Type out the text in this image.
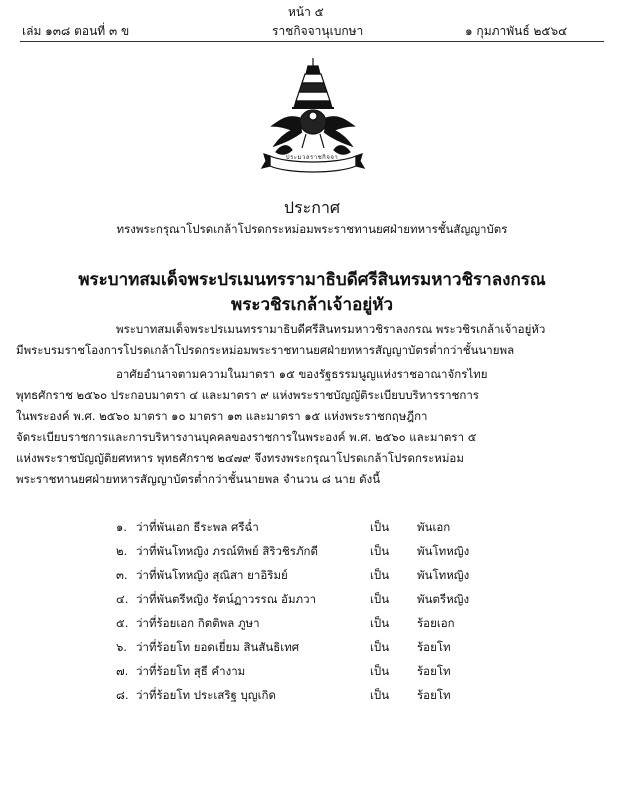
หน้า ๕
เล่ม ๑๓๘ ตอนที่ ๓ ข	ราชกิจจานุเบกษา	๑ กุมภาพันธ์ ๒๕๖๔
ประมวลราชกิจจา
ประกาศ
ทรงพระกรุณาโปรดเกล้าโปรดกระหม่อมพระราชทานยศฝ่ายทหารชั้นสัญญาบัตร
พระบาทสมเด็จพระปรเมนทรรามาธิบดีศรีสินทรมหาวชิราลงกรณ
พระวชิรเกล้าเจ้าอยู่หัว
พระบาทสมเด็จพระปรเมนทรรามาธิบดีศรีสินทรมหาวชิราลงกรณ พระวชิรเกล้าเจ้าอยู่หัว
มีพระบรมราชโองการโปรดเกล้าโปรดกระหม่อมพระราชทานยศฝ่ายทหารสัญญาบัตรต่ำกว่าชั้นนายพล
อาศัยอำนาจตามความในมาตรา ๑๕ ของรัฐธรรมนูญแห่งราชอาณาจักรไทย
พุทธศักราช ๒๕๖๐ ประกอบมาตรา ๔ และมาตรา ๙ แห่งพระราชบัญญัติระเบียบบริหารราชการ
ในพระองค์ พ.ศ. ๒๕๖๐ มาตรา ๑๐ มาตรา ๑๓ และมาตรา ๑๕ แห่งพระราชกฤษฎีกา
จัดระเบียบราชการและการบริหารงานบุคคลของราชการในพระองค์ พ.ศ. ๒๕๖๐ และมาตรา ๕
แห่งพระราชบัญญัติยศทหาร พุทธศักราช ๒๔๗๙ จึงทรงพระกรุณาโปรดเกล้าโปรดกระหม่อม
พระราชทานยศฝ่ายทหารสัญญาบัตรต่ำกว่าชั้นนายพล จำนวน ๘ นาย ดังนี้
๑. ว่าที่พันเอก ธีระพล ศรีฉ่ำ	เป็น พันเอก
๒. ว่าที่พันโทหญิง ภรณ์ทิพย์ สิริวชิรภักดี	เป็น พันโทหญิง
๓. ว่าที่พันโทหญิง สุณิสา ยาอิริมย์	เป็น พันโทหญิง
๔. ว่าที่พันตรีหญิง รัตน์ฏาวรรณ อัมภวา	เป็น พันตรีหญิง
๕. ว่าที่ร้อยเอก กิตติพล ภูษา	เป็น ร้อยเอก
๖. ว่าที่ร้อยโท ยอดเยี่ยม สินสันธิเทศ	เป็น ร้อยโท
๗. ว่าที่ร้อยโท สุธี คำงาม	เป็น ร้อยโท
๘. ว่าที่ร้อยโท ประเสริฐ บุญเกิด	เป็น ร้อยโท
